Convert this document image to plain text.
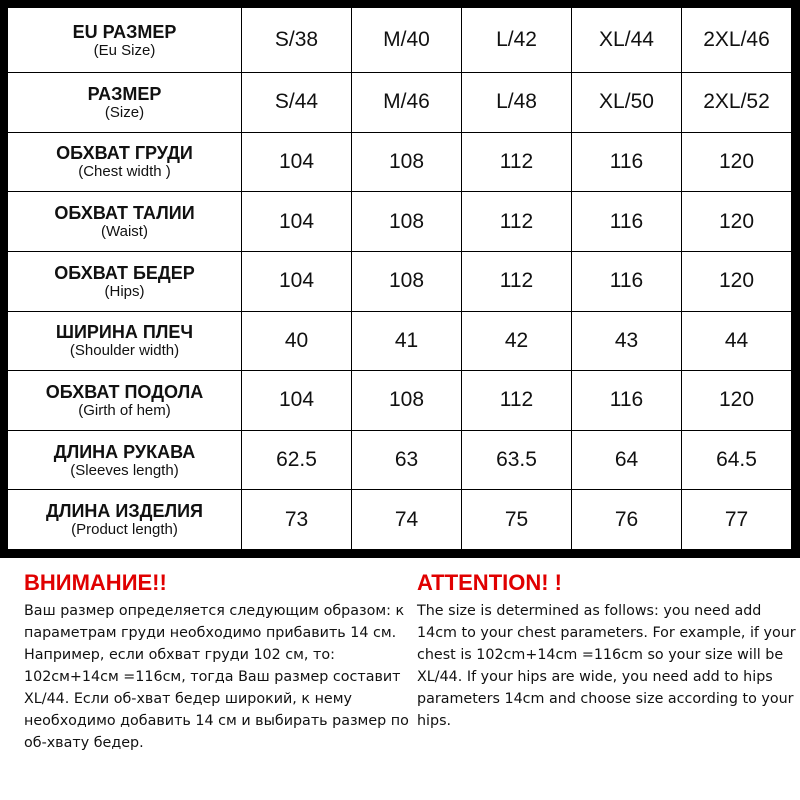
EU РАЗМЕР
(Eu Size)	S/38	M/40	L/42	XL/44	2XL/46

РАЗМЕР
(Size)	S/44	M/46	L/48	XL/50	2XL/52

ОБХВАТ ГРУДИ
(Chest width )	104	108	112	116	120

ОБХВАТ ТАЛИИ
(Waist)	104	108	112	116	120

ОБХВАТ БЕДЕР
(Hips)	104	108	112	116	120

ШИРИНА ПЛЕЧ
(Shoulder width)	40	41	42	43	44

ОБХВАТ ПОДОЛА
(Girth of hem)	104	108	112	116	120

ДЛИНА РУКАВА
(Sleeves length)	62.5	63	63.5	64	64.5

ДЛИНА ИЗДЕЛИЯ
(Product length)	73	74	75	76	77
ВНИМАНИЕ!!

Ваш размер определяется следующим образом: к параметрам груди необходимо прибавить 14 см. Например, если обхват груди 102 см, то: 102см+14см =116см, тогда Ваш размер составит XL/44. Если об-хват бедер широкий, к нему необходимо добавить 14 см и выбирать размер по об-хвату бедер.

ATTENTION! !

The size is determined as follows: you need add 14cm to your chest parameters. For example, if your chest is 102cm+14cm =116cm so your size will be XL/44. If your hips are wide, you need add to hips parameters 14cm and choose size according to your hips.
